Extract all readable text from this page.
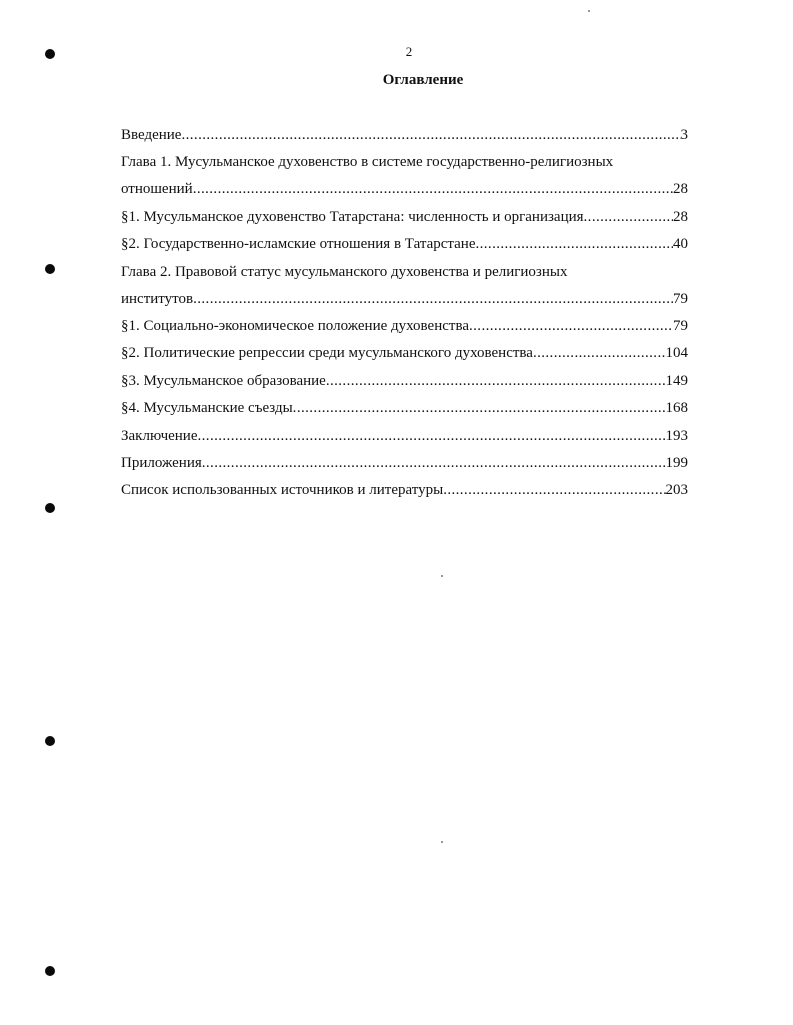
2
Оглавление
Введение .....	3
Глава 1. Мусульманское духовенство в системе государственно-религиозных
отношений .....	28
§1. Мусульманское духовенство Татарстана: численность и организация .....	28
§2. Государственно-исламские отношения в Татарстане .....	40
Глава 2. Правовой статус мусульманского духовенства и религиозных
институтов .....	79
§1. Социально-экономическое положение духовенства .....	79
§2. Политические репрессии среди мусульманского духовенства .....	104
§3. Мусульманское образование .....	149
§4. Мусульманские съезды .....	168
Заключение .....	193
Приложения .....	199
Список использованных источников и литературы .....	203
